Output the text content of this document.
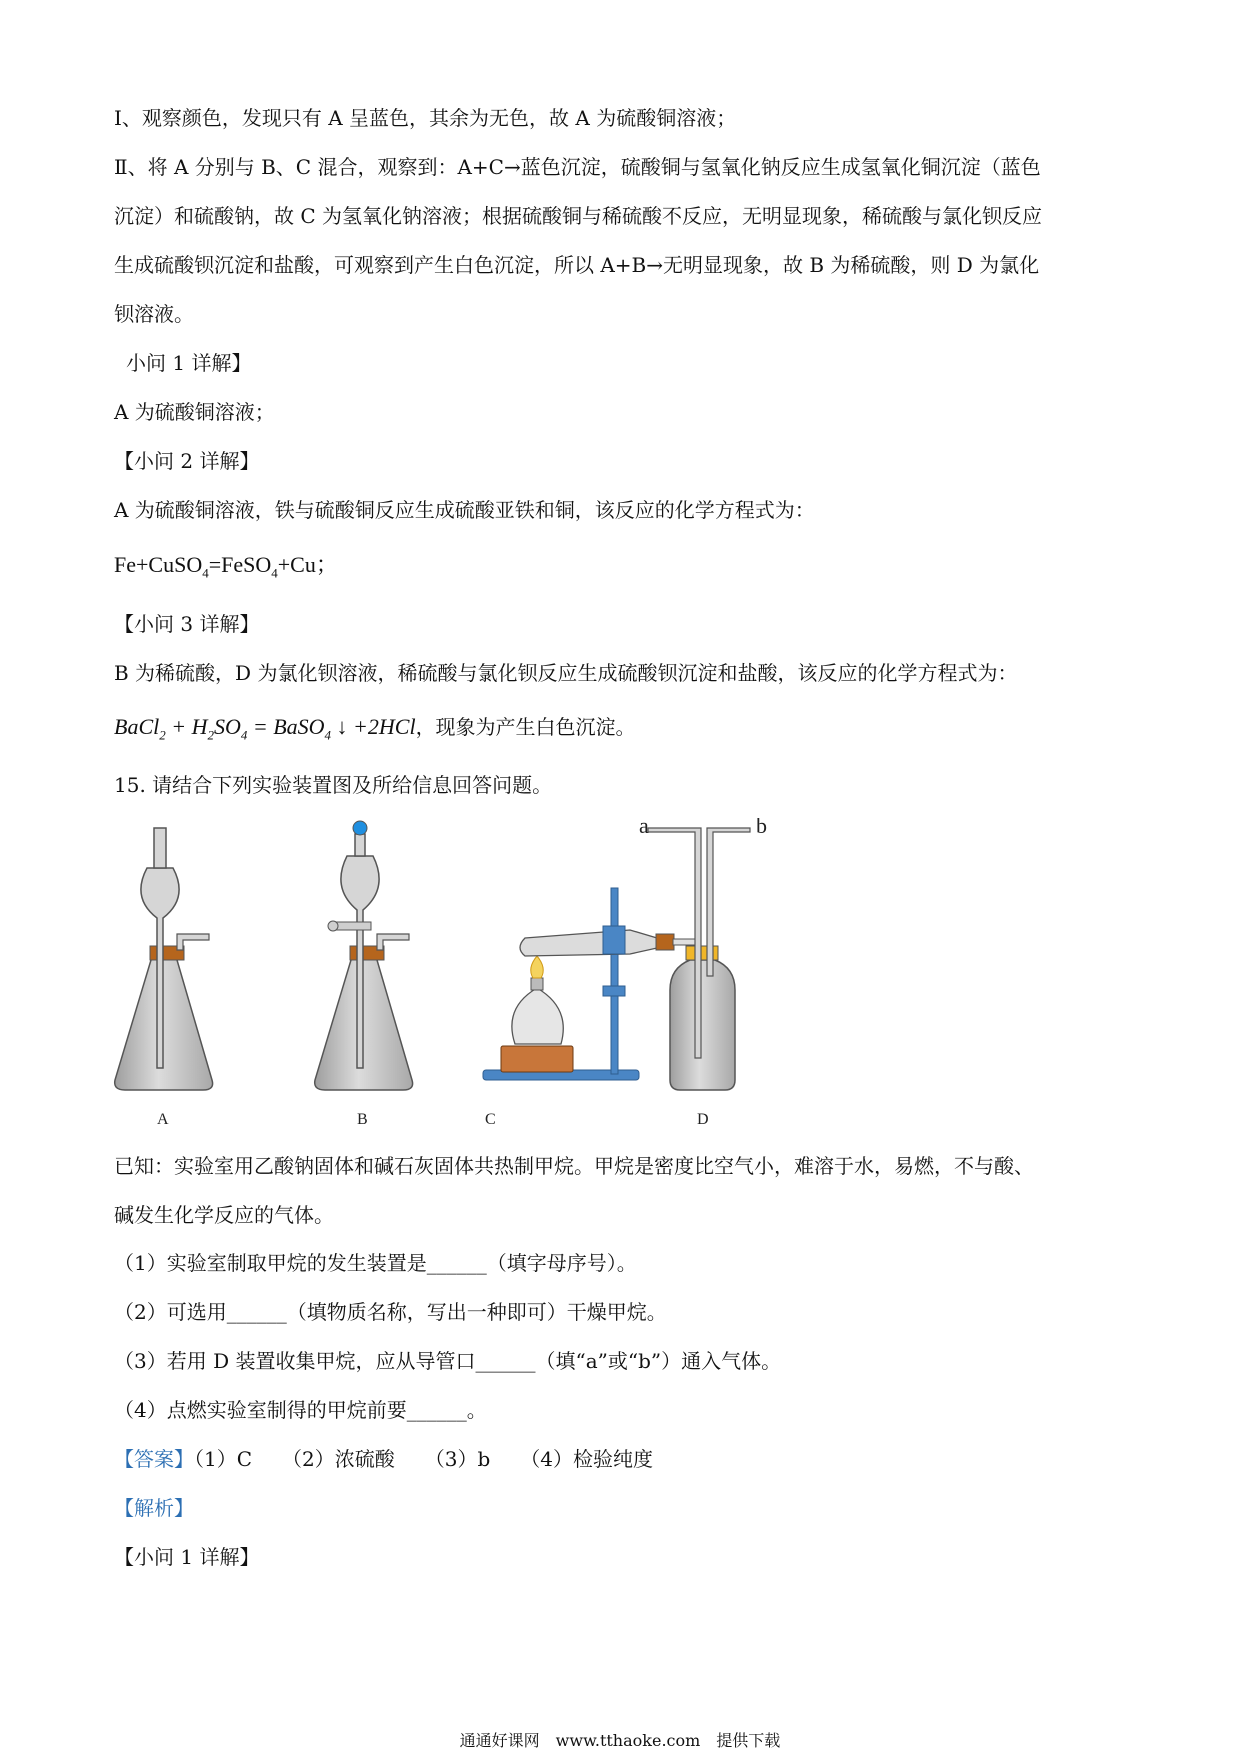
I、观察颜色，发现只有 A 呈蓝色，其余为无色，故 A 为硫酸铜溶液；
Ⅱ、将 A 分别与 B、C 混合，观察到：A+C→蓝色沉淀，硫酸铜与氢氧化钠反应生成氢氧化铜沉淀（蓝色
沉淀）和硫酸钠，故 C 为氢氧化钠溶液；根据硫酸铜与稀硫酸不反应，无明显现象，稀硫酸与氯化钡反应
生成硫酸钡沉淀和盐酸，可观察到产生白色沉淀，所以 A+B→无明显现象，故 B 为稀硫酸，则 D 为氯化
钡溶液。
小问 1 详解】
A 为硫酸铜溶液；
【小问 2 详解】
A 为硫酸铜溶液，铁与硫酸铜反应生成硫酸亚铁和铜，该反应的化学方程式为：
Fe+CuSO$_4$=FeSO$_4$+Cu；
【小问 3 详解】
B 为稀硫酸，D 为氯化钡溶液，稀硫酸与氯化钡反应生成硫酸钡沉淀和盐酸，该反应的化学方程式为：
BaCl$_2$ + $H_2SO_4$ = BaSO$_4$ ↓ +2HCl，现象为产生白色沉淀。
15. 请结合下列实验装置图及所给信息回答问题。
A	B	C
a	b
D
已知：实验室用乙酸钠固体和碱石灰固体共热制甲烷。甲烷是密度比空气小，难溶于水，易燃，不与酸、
碱发生化学反应的气体。
（1）实验室制取甲烷的发生装置是______（填字母序号）。
（2）可选用______（填物质名称，写出一种即可）干燥甲烷。
（3）若用 D 装置收集甲烷，应从导管口______（填“a”或“b”）通入气体。
（4）点燃实验室制得的甲烷前要______。
【答案】（1）C　　（2）浓硫酸　　（3）b　　（4）检验纯度
【解析】
【小问 1 详解】
通通好课网　www.tthaoke.com　提供下载
